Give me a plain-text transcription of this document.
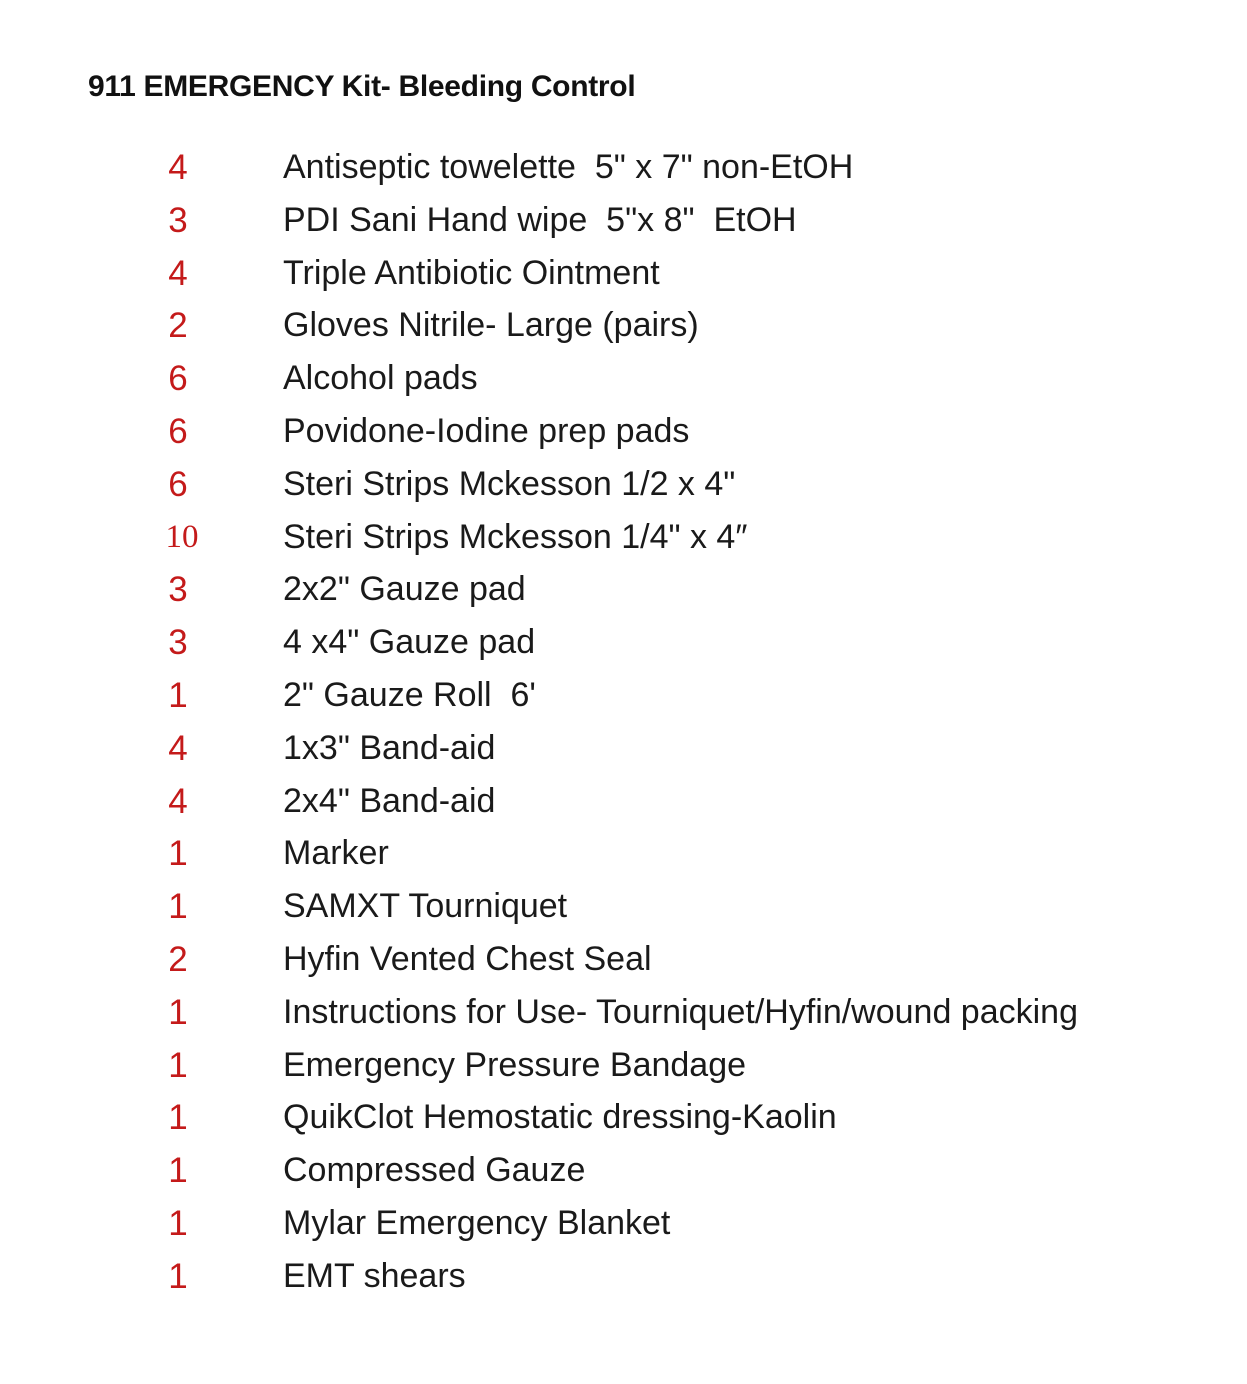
911 EMERGENCY Kit- Bleeding Control
4	Antiseptic towelette  5" x 7" non-EtOH
3	PDI Sani Hand wipe  5"x 8"  EtOH
4	Triple Antibiotic Ointment
2	Gloves Nitrile- Large (pairs)
6	Alcohol pads
6	Povidone-Iodine prep pads
6	Steri Strips Mckesson 1/2 x 4"
10	Steri Strips Mckesson 1/4" x 4″
3	2x2" Gauze pad
3	4 x4" Gauze pad
1	2" Gauze Roll  6'
4	1x3" Band-aid
4	2x4" Band-aid
1	Marker
1	SAMXT Tourniquet
2	Hyfin Vented Chest Seal
1	Instructions for Use- Tourniquet/Hyfin/wound packing
1	Emergency Pressure Bandage
1	QuikClot Hemostatic dressing-Kaolin
1	Compressed Gauze
1	Mylar Emergency Blanket
1	EMT shears
